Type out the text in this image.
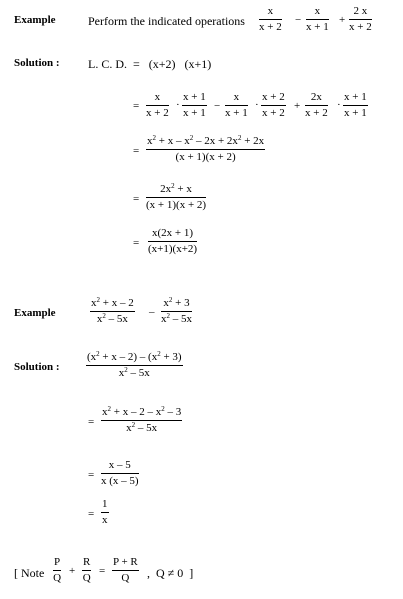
Example	Perform the indicated operations $\frac{x}{x + 2} - \frac{x}{x + 1} + \frac{2 x}{x + 2}$
Solution : L. C. D.  =   (x+2)   (x+1)
= $\frac{x}{x + 2} \cdot \frac{x + 1}{x + 1} - \frac{x}{x + 1} \cdot \frac{x + 2}{x + 2} + \frac{2x}{x + 2} \cdot \frac{x + 1}{x + 1}$
= $\frac{x^2 + x - x^2 - 2x + 2x^2 + 2x}{(x + 1)(x + 2)}$
= $\frac{2x^2 + x}{(x + 1)(x + 2)}$
= $\frac{x(2x + 1)}{(x+1)(x+2)}$
Example	$\frac{x^2 + x - 2}{x^2 - 5x} - \frac{x^2 + 3}{x^2 - 5x}$
Solution : $\frac{(x^2 + x - 2) - (x^2 + 3)}{x^2 - 5x}$
= $\frac{x^2 + x - 2 - x^2 - 3}{x^2 - 5x}$
= $\frac{x - 5}{x (x - 5)}$
= $\frac{1}{x}$
[ Note $\frac{P}{Q} + \frac{R}{Q} = \frac{P + R}{Q}$ ,  Q ≠ 0  ]
